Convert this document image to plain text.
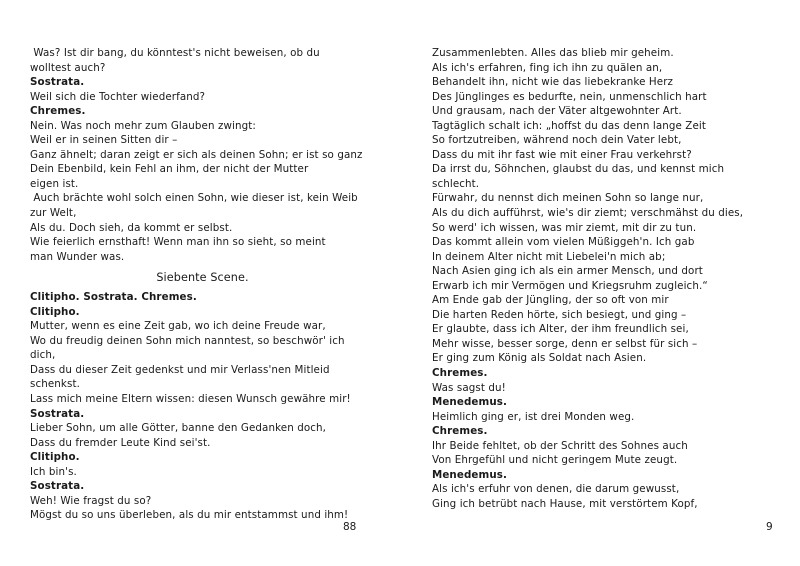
Was? Ist dir bang, du könntest's nicht beweisen, ob du
wolltest auch?
Sostrata.
Weil sich die Tochter wiederfand?
Chremes.
Nein. Was noch mehr zum Glauben zwingt:
Weil er in seinen Sitten dir –
Ganz ähnelt; daran zeigt er sich als deinen Sohn; er ist so ganz
Dein Ebenbild, kein Fehl an ihm, der nicht der Mutter
eigen ist.
Auch brächte wohl solch einen Sohn, wie dieser ist, kein Weib
zur Welt,
Als du. Doch sieh, da kommt er selbst.
Wie feierlich ernsthaft! Wenn man ihn so sieht, so meint
man Wunder was.
Siebente Scene.
Clitipho. Sostrata. Chremes.
Clitipho.
Mutter, wenn es eine Zeit gab, wo ich deine Freude war,
Wo du freudig deinen Sohn mich nanntest, so beschwör' ich
dich,
Dass du dieser Zeit gedenkst und mir Verlass'nen Mitleid
schenkst.
Lass mich meine Eltern wissen: diesen Wunsch gewähre mir!
Sostrata.
Lieber Sohn, um alle Götter, banne den Gedanken doch,
Dass du fremder Leute Kind sei'st.
Clitipho.
Ich bin's.
Sostrata.
Weh! Wie fragst du so?
Mögst du so uns überleben, als du mir entstammst und ihm!
Zusammenlebten. Alles das blieb mir geheim.
Als ich's erfahren, fing ich ihn zu quälen an,
Behandelt ihn, nicht wie das liebekranke Herz
Des Jünglinges es bedurfte, nein, unmenschlich hart
Und grausam, nach der Väter altgewohnter Art.
Tagtäglich schalt ich: „hoffst du das denn lange Zeit
So fortzutreiben, während noch dein Vater lebt,
Dass du mit ihr fast wie mit einer Frau verkehrst?
Da irrst du, Söhnchen, glaubst du das, und kennst mich
schlecht.
Fürwahr, du nennst dich meinen Sohn so lange nur,
Als du dich aufführst, wie's dir ziemt; verschmähst du dies,
So werd' ich wissen, was mir ziemt, mit dir zu tun.
Das kommt allein vom vielen Müßiggeh'n. Ich gab
In deinem Alter nicht mit Liebelei'n mich ab;
Nach Asien ging ich als ein armer Mensch, und dort
Erwarb ich mir Vermögen und Kriegsruhm zugleich.“
Am Ende gab der Jüngling, der so oft von mir
Die harten Reden hörte, sich besiegt, und ging –
Er glaubte, dass ich Alter, der ihm freundlich sei,
Mehr wisse, besser sorge, denn er selbst für sich –
Er ging zum König als Soldat nach Asien.
Chremes.
Was sagst du!
Menedemus.
Heimlich ging er, ist drei Monden weg.
Chremes.
Ihr Beide fehltet, ob der Schritt des Sohnes auch
Von Ehrgefühl und nicht geringem Mute zeugt.
Menedemus.
Als ich's erfuhr von denen, die darum gewusst,
Ging ich betrübt nach Hause, mit verstörtem Kopf,
88	9
